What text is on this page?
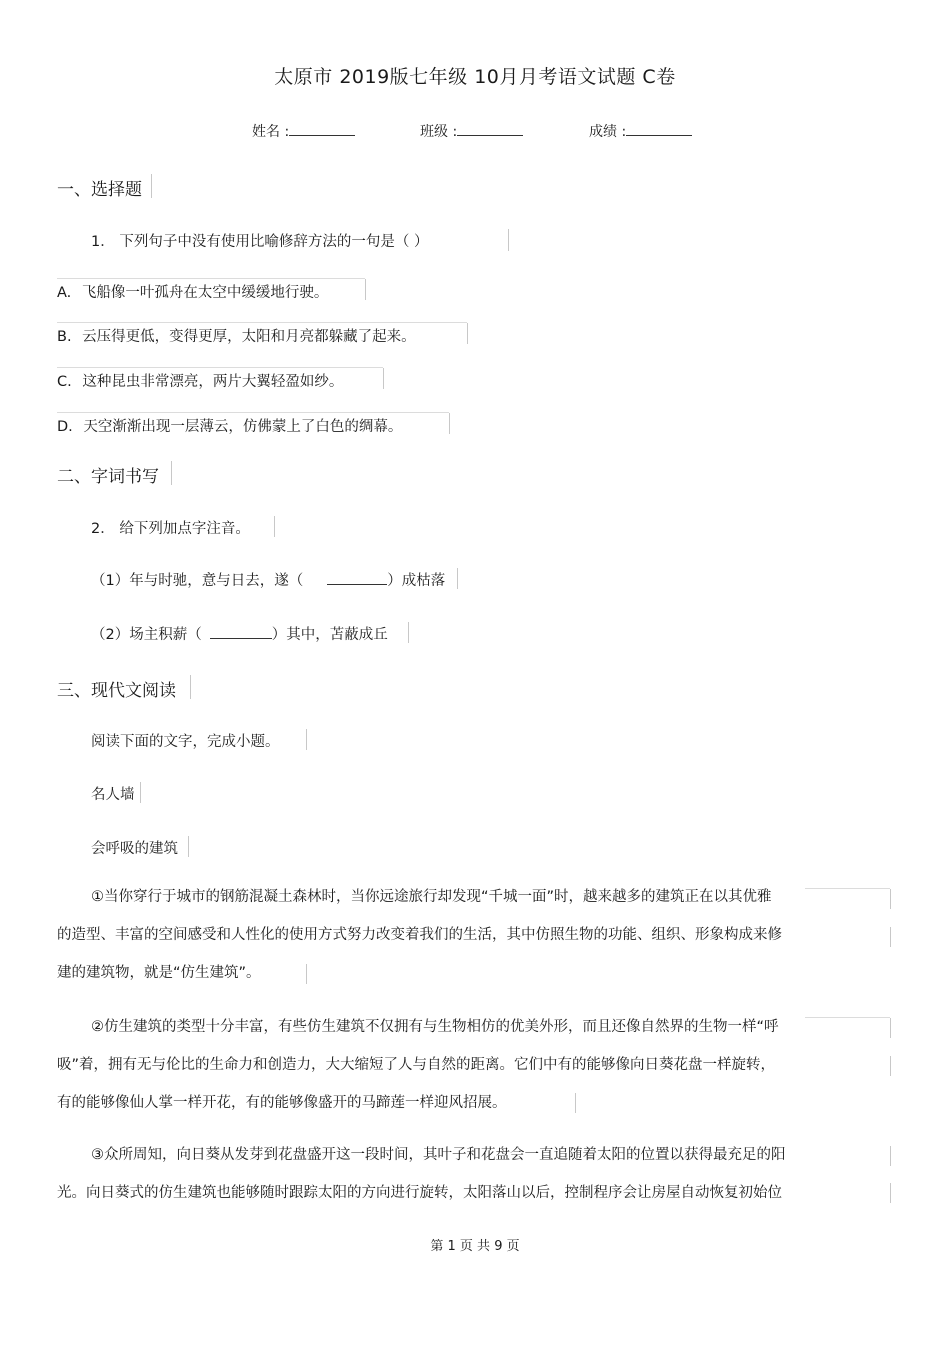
太原市 2019版七年级 10月月考语文试题 C卷
姓名 :	班级 :	成绩 :
一、选择题
1． 下列句子中没有使用比喻修辞方法的一句是（ ）
A. 飞船像一叶孤舟在太空中缓缓地行驶。
B. 云压得更低，变得更厚，太阳和月亮都躲藏了起来。
C. 这种昆虫非常漂亮，两片大翼轻盈如纱。
D. 天空渐渐出现一层薄云，仿佛蒙上了白色的绸幕。
二、字词书写
2． 给下列加点字注音。
（1）年与时驰，意与日去，遂（	）成枯落
（2）场主积薪（	）其中，苫蔽成丘
三、现代文阅读
阅读下面的文字，完成小题。
名人墙
会呼吸的建筑
①当你穿行于城市的钢筋混凝土森林时，当你远途旅行却发现“千城一面”时，越来越多的建筑正在以其优雅
的造型、丰富的空间感受和人性化的使用方式努力改变着我们的生活，其中仿照生物的功能、组织、形象构成来修
建的建筑物，就是“仿生建筑”。
②仿生建筑的类型十分丰富，有些仿生建筑不仅拥有与生物相仿的优美外形，而且还像自然界的生物一样“呼
吸”着，拥有无与伦比的生命力和创造力，大大缩短了人与自然的距离。它们中有的能够像向日葵花盘一样旋转，
有的能够像仙人掌一样开花，有的能够像盛开的马蹄莲一样迎风招展。
③众所周知，向日葵从发芽到花盘盛开这一段时间，其叶子和花盘会一直追随着太阳的位置以获得最充足的阳
光。向日葵式的仿生建筑也能够随时跟踪太阳的方向进行旋转，太阳落山以后，控制程序会让房屋自动恢复初始位
第 1 页 共 9 页
